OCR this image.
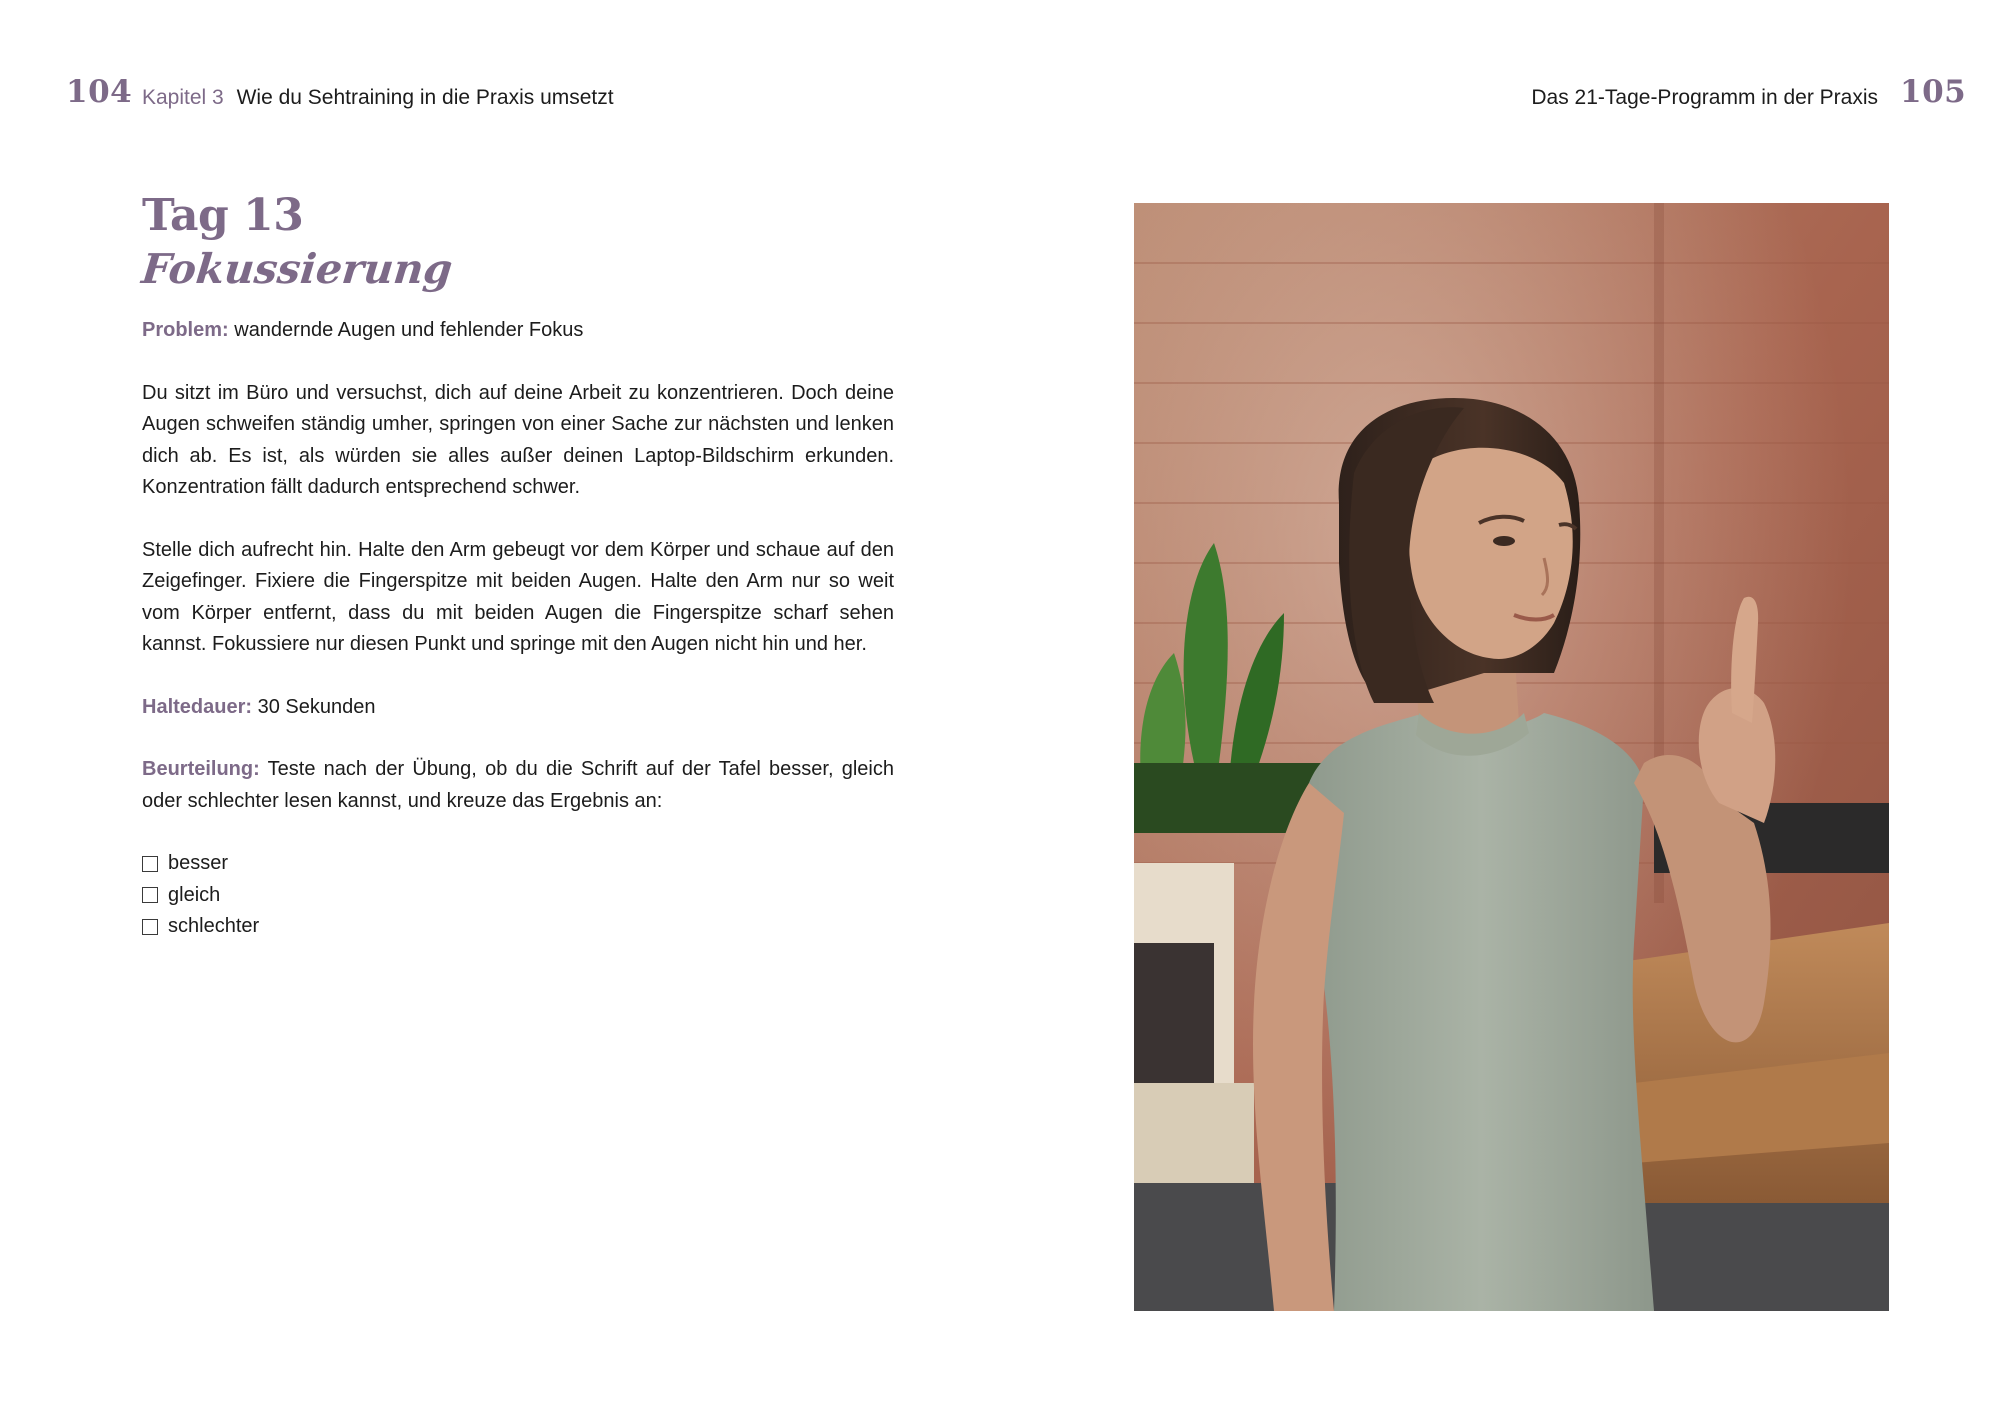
104 Kapitel 3 Wie du Sehtraining in die Praxis umsetzt	Das 21-Tage-Programm in der Praxis 105
Tag 13
Fokussierung

Problem: wandernde Augen und fehlender Fokus

Du sitzt im Büro und versuchst, dich auf deine Arbeit zu konzentrieren. Doch deine Augen schweifen ständig umher, springen von einer Sache zur nächsten und lenken dich ab. Es ist, als würden sie alles außer deinen Laptop-Bildschirm erkunden. Konzentration fällt dadurch entsprechend schwer.

Stelle dich aufrecht hin. Halte den Arm gebeugt vor dem Körper und schaue auf den Zeigefinger. Fixiere die Fingerspitze mit beiden Augen. Halte den Arm nur so weit vom Körper entfernt, dass du mit beiden Augen die Fingerspitze scharf sehen kannst. Fokussiere nur diesen Punkt und springe mit den Augen nicht hin und her.

Haltedauer: 30 Sekunden

Beurteilung: Teste nach der Übung, ob du die Schrift auf der Tafel besser, gleich oder schlechter lesen kannst, und kreuze das Ergebnis an:

besser
gleich
schlechter
